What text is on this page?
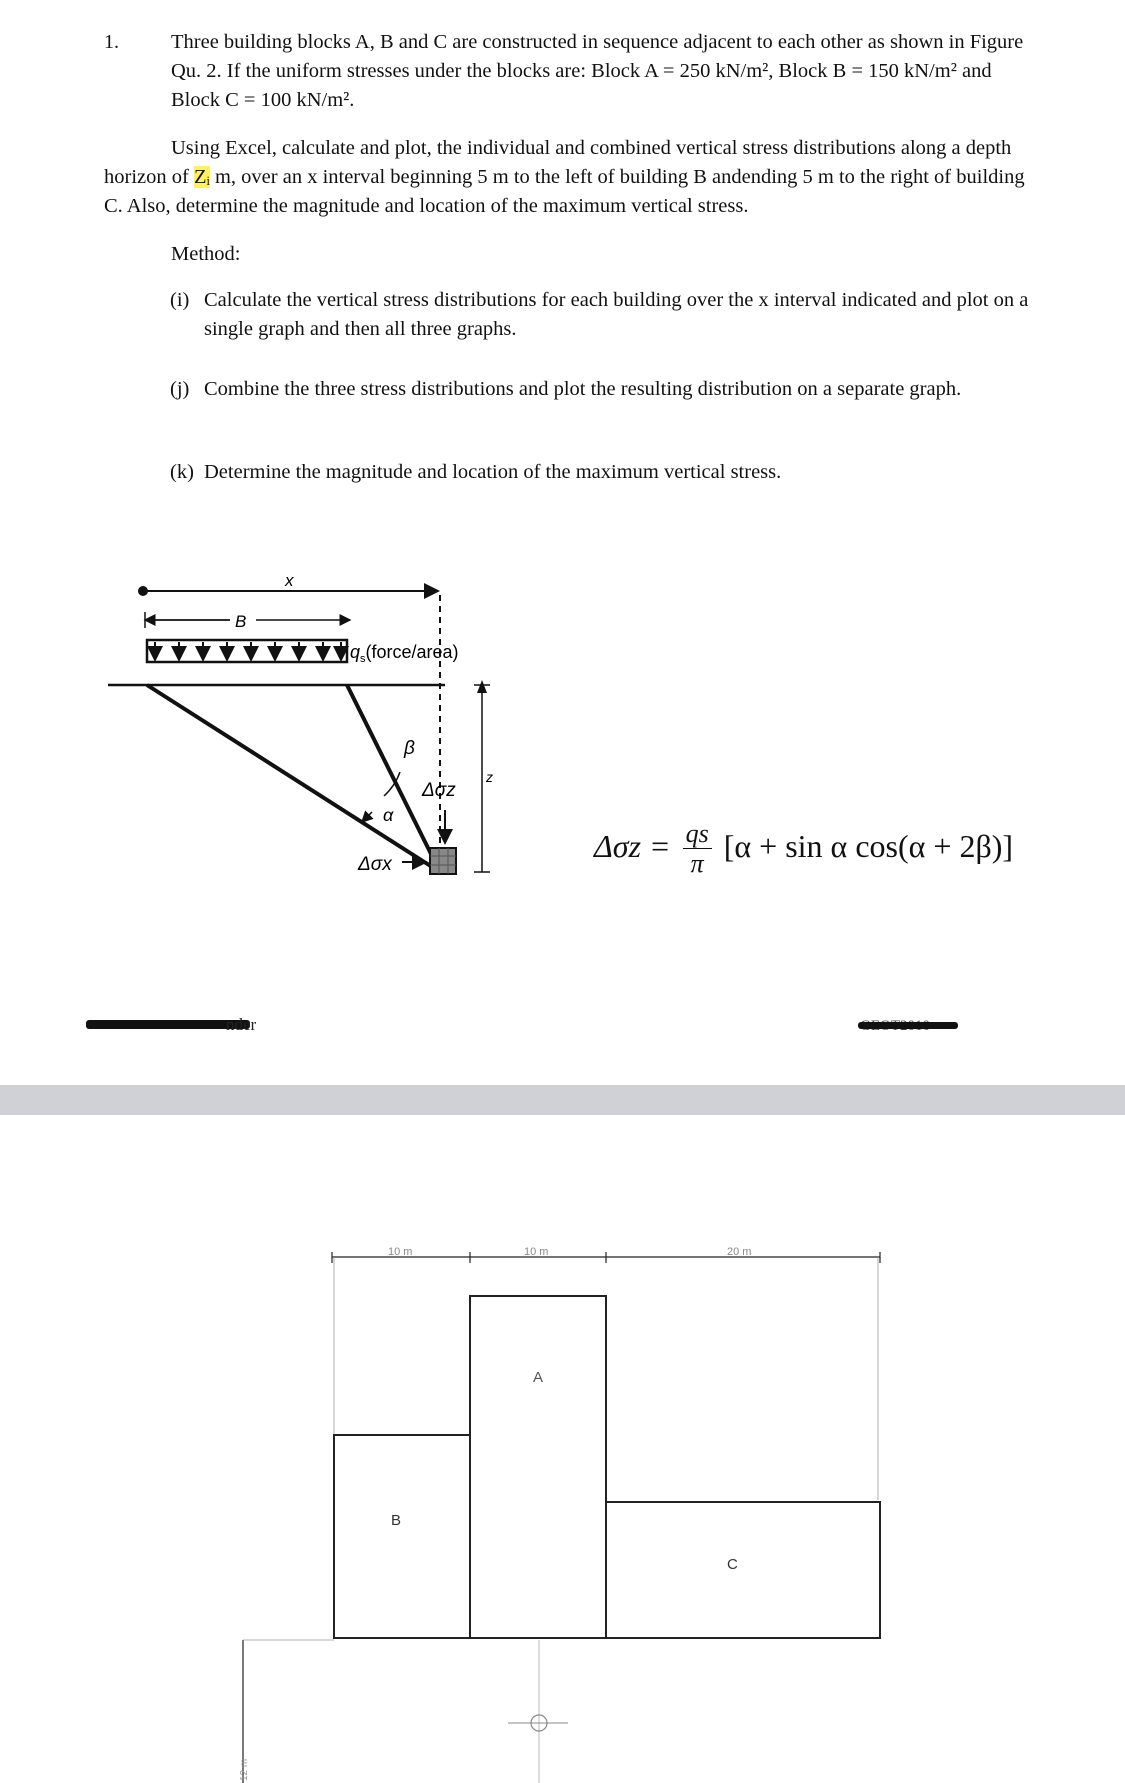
1.	Three building blocks A, B and C are constructed in sequence adjacent to each other as shown in Figure Qu. 2. If the uniform stresses under the blocks are: Block A = 250 kN/m², Block B = 150 kN/m² and Block C = 100 kN/m².
Using Excel, calculate and plot, the individual and combined vertical stress distributions along a depth horizon of Zᵢ m, over an x interval beginning 5 m to the left of building B andending 5 m to the right of building C. Also, determine the magnitude and location of the maximum vertical stress.
Method:
(i) Calculate the vertical stress distributions for each building over the x interval indicated and plot on a single graph and then all three graphs.
(j) Combine the three stress distributions and plot the resulting distribution on a separate graph.
(k) Determine the magnitude and location of the maximum vertical stress.
x
B
$q_s(force/area)$
z
β
α
Δσz
Δσx
$\Delta\sigma z = \frac{qs}{\pi} [\alpha + \sin \alpha$ cos(α + 2β)]
nder
10 m	10 m	20 m
A
B
C
12 m
